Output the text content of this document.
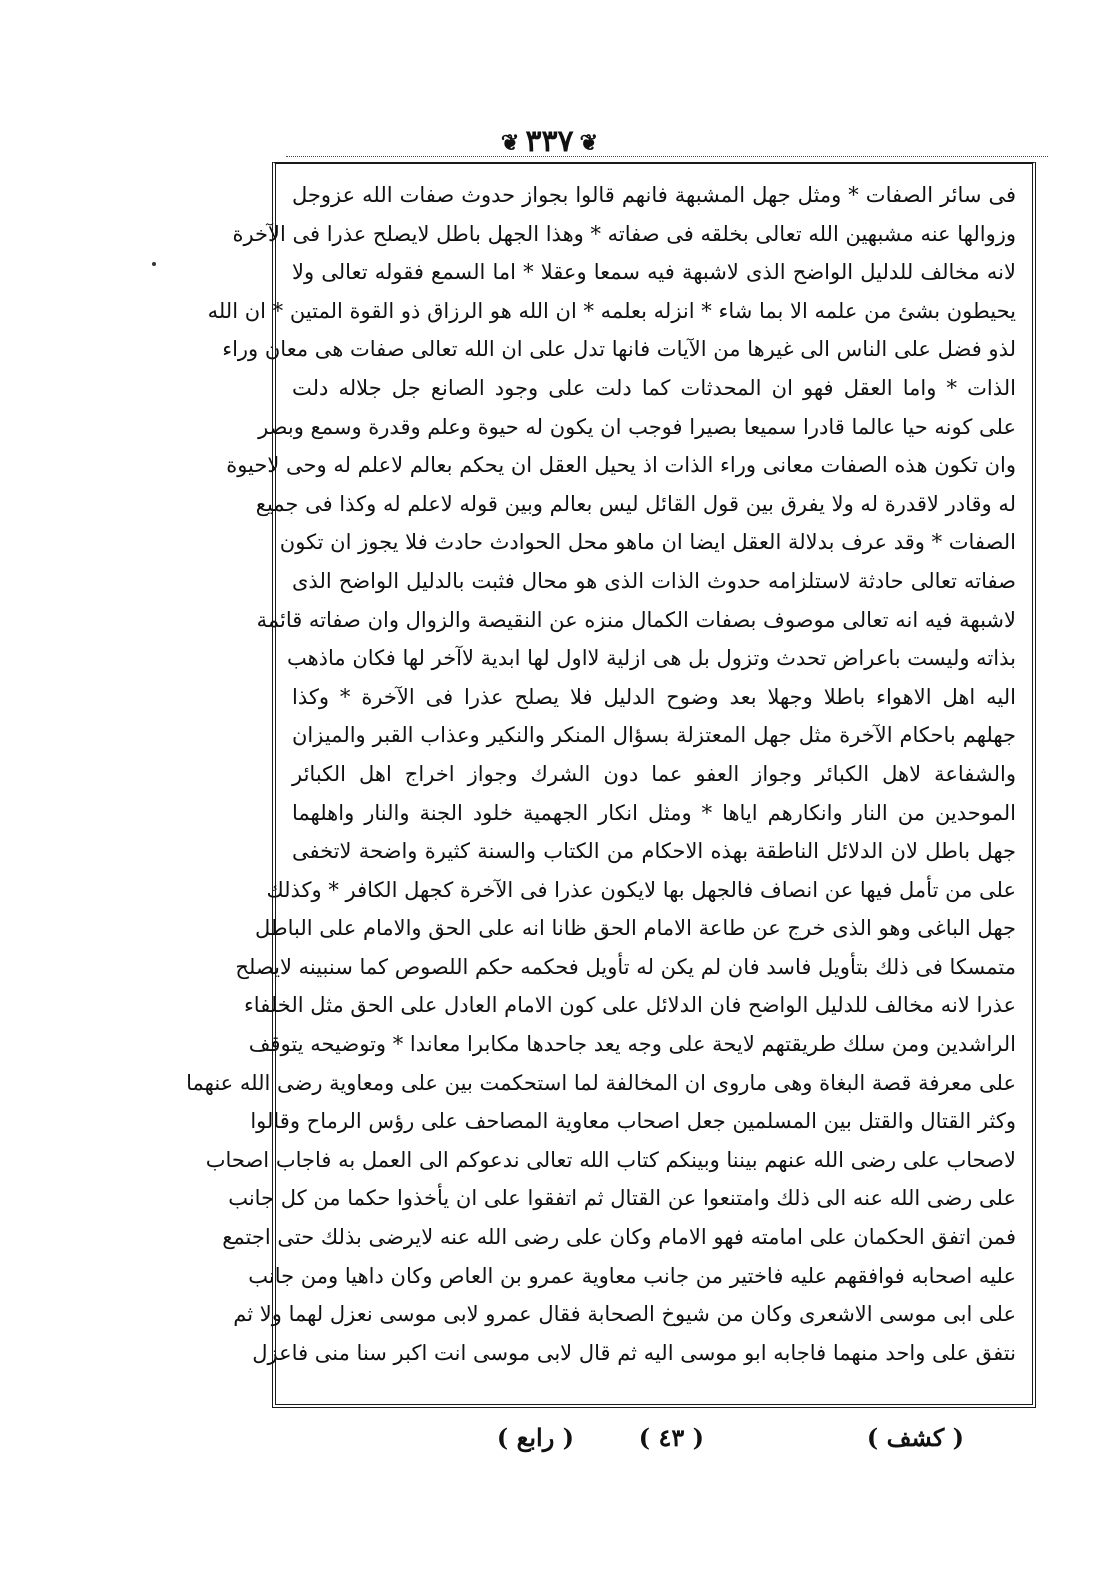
❦٣٣٧❦
فى سائر الصفات * ومثل جهل المشبهة فانهم قالوا بجواز حدوث صفات الله عزوجل
وزوالها عنه مشبهين الله تعالى بخلقه فى صفاته * وهذا الجهل باطل لايصلح عذرا فى الآخرة
لانه مخالف للدليل الواضح الذى لاشبهة فيه سمعا وعقلا * اما السمع فقوله تعالى ولا
يحيطون بشئ من علمه الا بما شاء * انزله بعلمه * ان الله هو الرزاق ذو القوة المتين * ان الله
لذو فضل على الناس الى غيرها من الآيات فانها تدل على ان الله تعالى صفات هى معان وراء
الذات * واما العقل فهو ان المحدثات كما دلت على وجود الصانع جل جلاله دلت
على كونه حيا عالما قادرا سميعا بصيرا فوجب ان يكون له حيوة وعلم وقدرة وسمع وبصر
وان تكون هذه الصفات معانى وراء الذات اذ يحيل العقل ان يحكم بعالم لاعلم له وحى لاحيوة
له وقادر لاقدرة له ولا يفرق بين قول القائل ليس بعالم وبين قوله لاعلم له وكذا فى جميع
الصفات * وقد عرف بدلالة العقل ايضا ان ماهو محل الحوادث حادث فلا يجوز ان تكون
صفاته تعالى حادثة لاستلزامه حدوث الذات الذى هو محال فثبت بالدليل الواضح الذى
لاشبهة فيه انه تعالى موصوف بصفات الكمال منزه عن النقيصة والزوال وان صفاته قائمة
بذاته وليست باعراض تحدث وتزول بل هى ازلية لااول لها ابدية لاآخر لها فكان ماذهب
اليه اهل الاهواء باطلا وجهلا بعد وضوح الدليل فلا يصلح عذرا فى الآخرة * وكذا
جهلهم باحكام الآخرة مثل جهل المعتزلة بسؤال المنكر والنكير وعذاب القبر والميزان
والشفاعة لاهل الكبائر وجواز العفو عما دون الشرك وجواز اخراج اهل الكبائر
الموحدين من النار وانكارهم اياها * ومثل انكار الجهمية خلود الجنة والنار واهلهما
جهل باطل لان الدلائل الناطقة بهذه الاحكام من الكتاب والسنة كثيرة واضحة لاتخفى
على من تأمل فيها عن انصاف فالجهل بها لايكون عذرا فى الآخرة كجهل الكافر * وكذلك
جهل الباغى وهو الذى خرج عن طاعة الامام الحق ظانا انه على الحق والامام على الباطل
متمسكا فى ذلك بتأويل فاسد فان لم يكن له تأويل فحكمه حكم اللصوص كما سنبينه لايصلح
عذرا لانه مخالف للدليل الواضح فان الدلائل على كون الامام العادل على الحق مثل الخلفاء
الراشدين ومن سلك طريقتهم لايحة على وجه يعد جاحدها مكابرا معاندا * وتوضيحه يتوقف
على معرفة قصة البغاة وهى ماروى ان المخالفة لما استحكمت بين على ومعاوية رضى الله عنهما
وكثر القتال والقتل بين المسلمين جعل اصحاب معاوية المصاحف على رؤس الرماح وقالوا
لاصحاب على رضى الله عنهم بيننا وبينكم كتاب الله تعالى ندعوكم الى العمل به فاجاب اصحاب
على رضى الله عنه الى ذلك وامتنعوا عن القتال ثم اتفقوا على ان يأخذوا حكما من كل جانب
فمن اتفق الحكمان على امامته فهو الامام وكان على رضى الله عنه لايرضى بذلك حتى اجتمع
عليه اصحابه فوافقهم عليه فاختير من جانب معاوية عمرو بن العاص وكان داهيا ومن جانب
على ابى موسى الاشعرى وكان من شيوخ الصحابة فقال عمرو لابى موسى نعزل لهما ولا ثم
نتفق على واحد منهما فاجابه ابو موسى اليه ثم قال لابى موسى انت اكبر سنا منى فاعزل
( كشف )
( ٤٣ )
( رابع )
